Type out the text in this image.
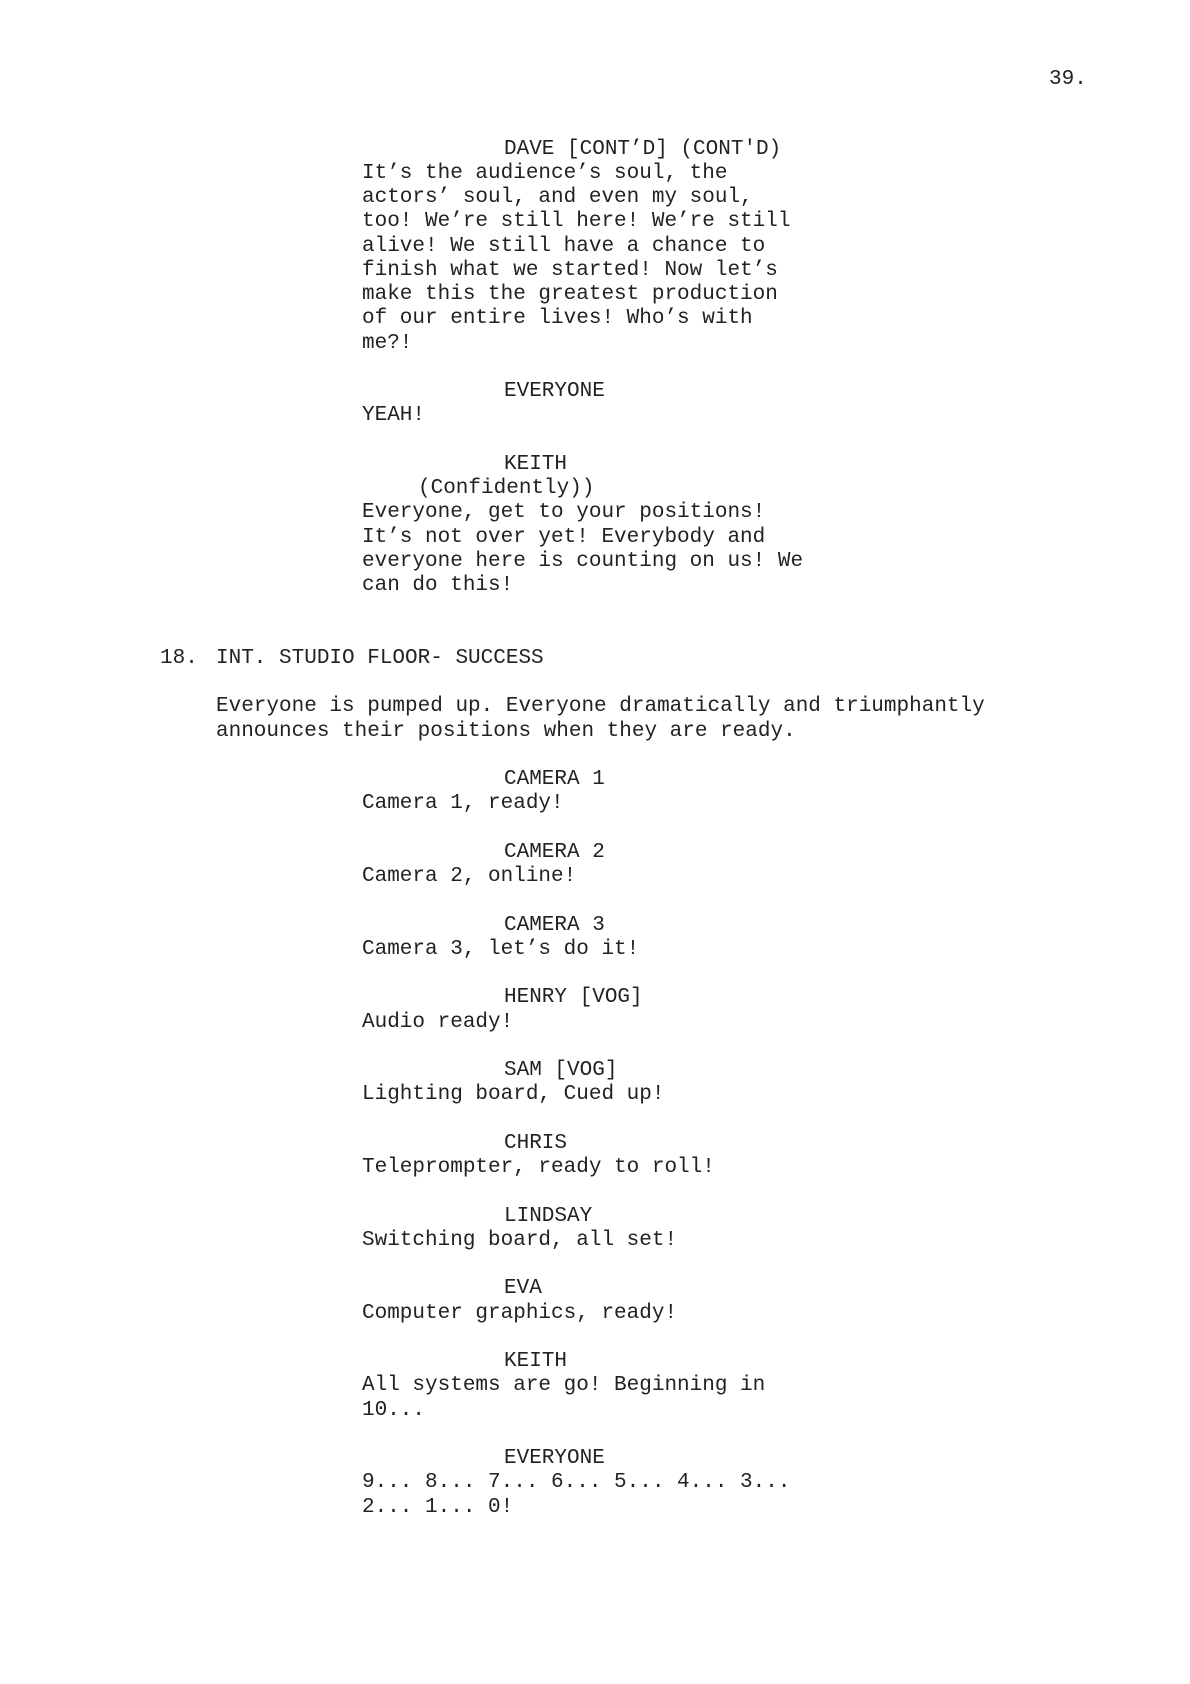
39.
DAVE [CONT’D] (CONT'D)
It’s the audience’s soul, the
actors’ soul, and even my soul,
too! We’re still here! We’re still
alive! We still have a chance to
finish what we started! Now let’s
make this the greatest production
of our entire lives! Who’s with
me?!
EVERYONE
YEAH!
KEITH
(Confidently))
Everyone, get to your positions!
It’s not over yet! Everybody and
everyone here is counting on us! We
can do this!
18. INT. STUDIO FLOOR- SUCCESS
Everyone is pumped up. Everyone dramatically and triumphantly
announces their positions when they are ready.
CAMERA 1
Camera 1, ready!
CAMERA 2
Camera 2, online!
CAMERA 3
Camera 3, let’s do it!
HENRY [VOG]
Audio ready!
SAM [VOG]
Lighting board, Cued up!
CHRIS
Teleprompter, ready to roll!
LINDSAY
Switching board, all set!
EVA
Computer graphics, ready!
KEITH
All systems are go! Beginning in
10...
EVERYONE
9... 8... 7... 6... 5... 4... 3...
2... 1... 0!
